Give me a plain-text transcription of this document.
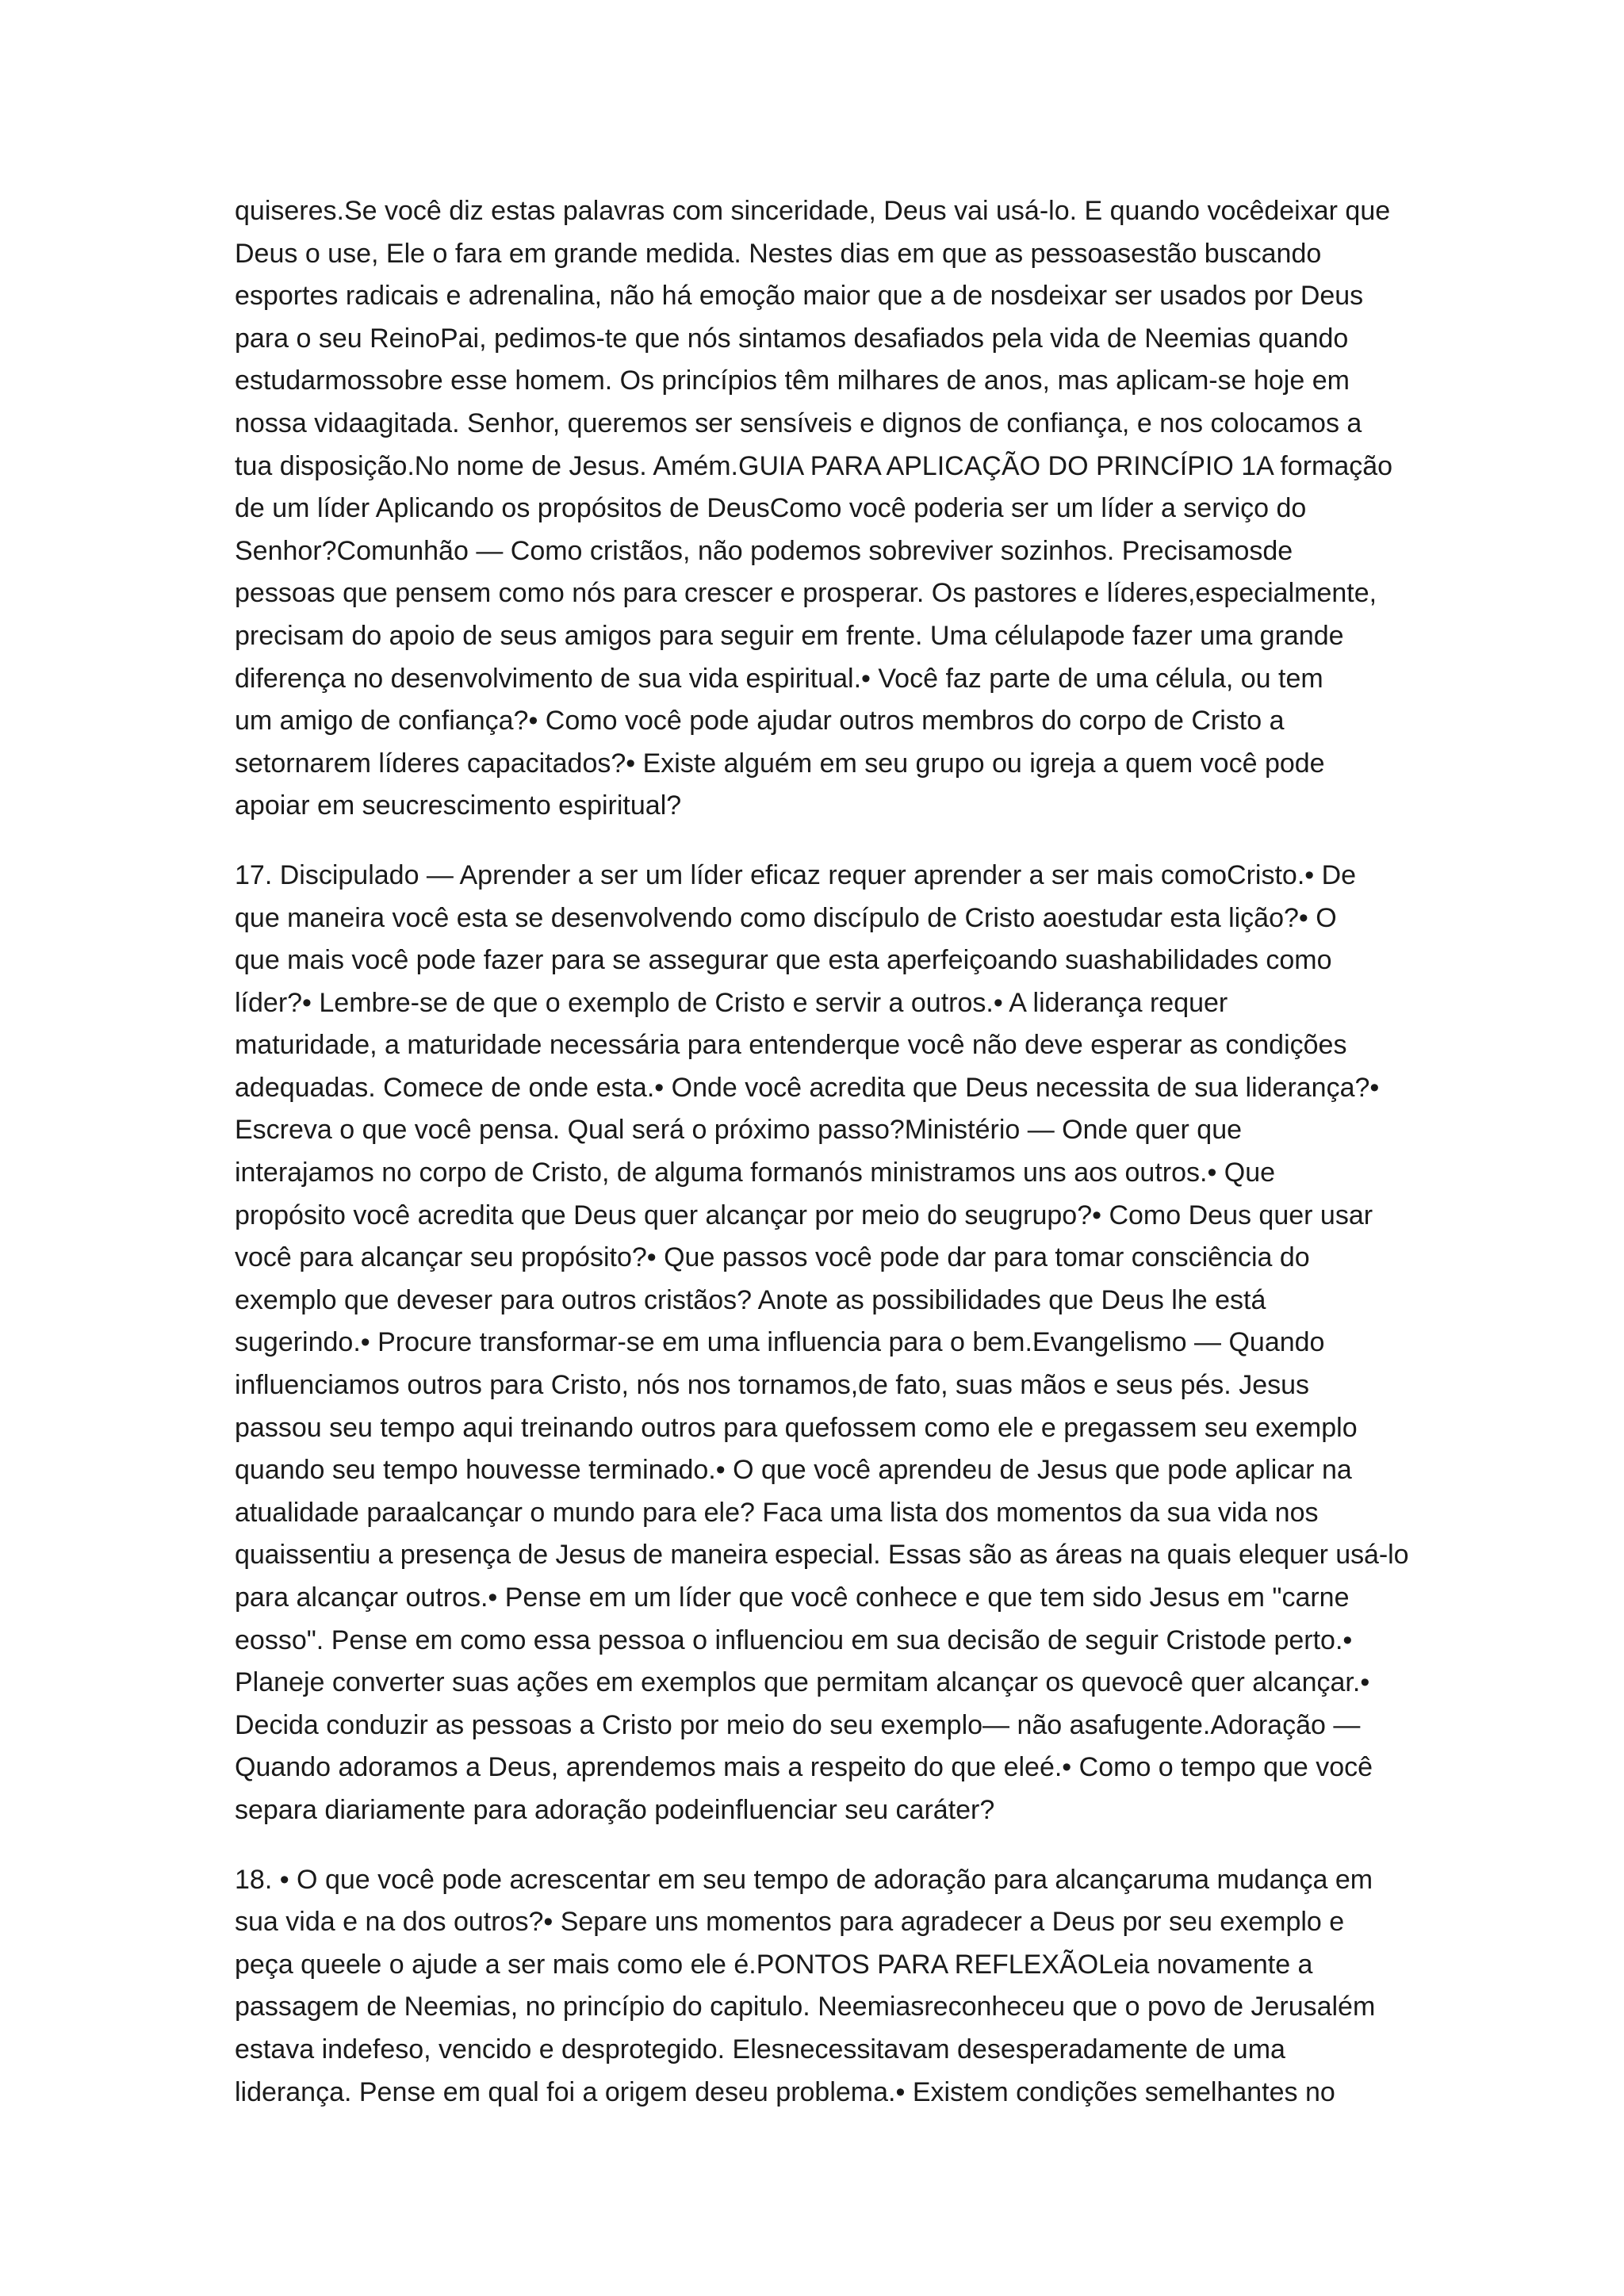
quiseres.Se você diz estas palavras com sinceridade, Deus vai usá-lo. E quando vocêdeixar que
Deus o use, Ele o fara em grande medida. Nestes dias em que as pessoasestão buscando
esportes radicais e adrenalina, não há emoção maior que a de nosdeixar ser usados por Deus
para o seu ReinoPai, pedimos-te que nós sintamos desafiados pela vida de Neemias quando
estudarmossobre esse homem. Os princípios têm milhares de anos, mas aplicam-se hoje em
nossa vidaagitada. Senhor, queremos ser sensíveis e dignos de confiança, e nos colocamos a
tua disposição.No nome de Jesus. Amém.GUIA PARA APLICAÇÃO DO PRINCÍPIO 1A formação
de um líder Aplicando os propósitos de DeusComo você poderia ser um líder a serviço do
Senhor?Comunhão — Como cristãos, não podemos sobreviver sozinhos. Precisamosde
pessoas que pensem como nós para crescer e prosperar. Os pastores e líderes,especialmente,
precisam do apoio de seus amigos para seguir em frente. Uma célulapode fazer uma grande
diferença no desenvolvimento de sua vida espiritual.• Você faz parte de uma célula, ou tem
um amigo de confiança?• Como você pode ajudar outros membros do corpo de Cristo a
setornarem líderes capacitados?• Existe alguém em seu grupo ou igreja a quem você pode
apoiar em seucrescimento espiritual?
17. Discipulado — Aprender a ser um líder eficaz requer aprender a ser mais comoCristo.• De
que maneira você esta se desenvolvendo como discípulo de Cristo aoestudar esta lição?• O
que mais você pode fazer para se assegurar que esta aperfeiçoando suashabilidades como
líder?• Lembre-se de que o exemplo de Cristo e servir a outros.• A liderança requer
maturidade, a maturidade necessária para entenderque você não deve esperar as condições
adequadas. Comece de onde esta.• Onde você acredita que Deus necessita de sua liderança?•
Escreva o que você pensa. Qual será o próximo passo?Ministério — Onde quer que
interajamos no corpo de Cristo, de alguma formanós ministramos uns aos outros.• Que
propósito você acredita que Deus quer alcançar por meio do seugrupo?• Como Deus quer usar
você para alcançar seu propósito?• Que passos você pode dar para tomar consciência do
exemplo que deveser para outros cristãos? Anote as possibilidades que Deus lhe está
sugerindo.• Procure transformar-se em uma influencia para o bem.Evangelismo — Quando
influenciamos outros para Cristo, nós nos tornamos,de fato, suas mãos e seus pés. Jesus
passou seu tempo aqui treinando outros para quefossem como ele e pregassem seu exemplo
quando seu tempo houvesse terminado.• O que você aprendeu de Jesus que pode aplicar na
atualidade paraalcançar o mundo para ele? Faca uma lista dos momentos da sua vida nos
quaissentiu a presença de Jesus de maneira especial. Essas são as áreas na quais elequer usá-lo
para alcançar outros.• Pense em um líder que você conhece e que tem sido Jesus em "carne
eosso". Pense em como essa pessoa o influenciou em sua decisão de seguir Cristode perto.•
Planeje converter suas ações em exemplos que permitam alcançar os quevocê quer alcançar.•
Decida conduzir as pessoas a Cristo por meio do seu exemplo— não asafugente.Adoração —
Quando adoramos a Deus, aprendemos mais a respeito do que eleé.• Como o tempo que você
separa diariamente para adoração podeinfluenciar seu caráter?
18. • O que você pode acrescentar em seu tempo de adoração para alcançaruma mudança em
sua vida e na dos outros?• Separe uns momentos para agradecer a Deus por seu exemplo e
peça queele o ajude a ser mais como ele é.PONTOS PARA REFLEXÃOLeia novamente a
passagem de Neemias, no princípio do capitulo. Neemiasreconheceu que o povo de Jerusalém
estava indefeso, vencido e desprotegido. Elesnecessitavam desesperadamente de uma
liderança. Pense em qual foi a origem deseu problema.• Existem condições semelhantes no
